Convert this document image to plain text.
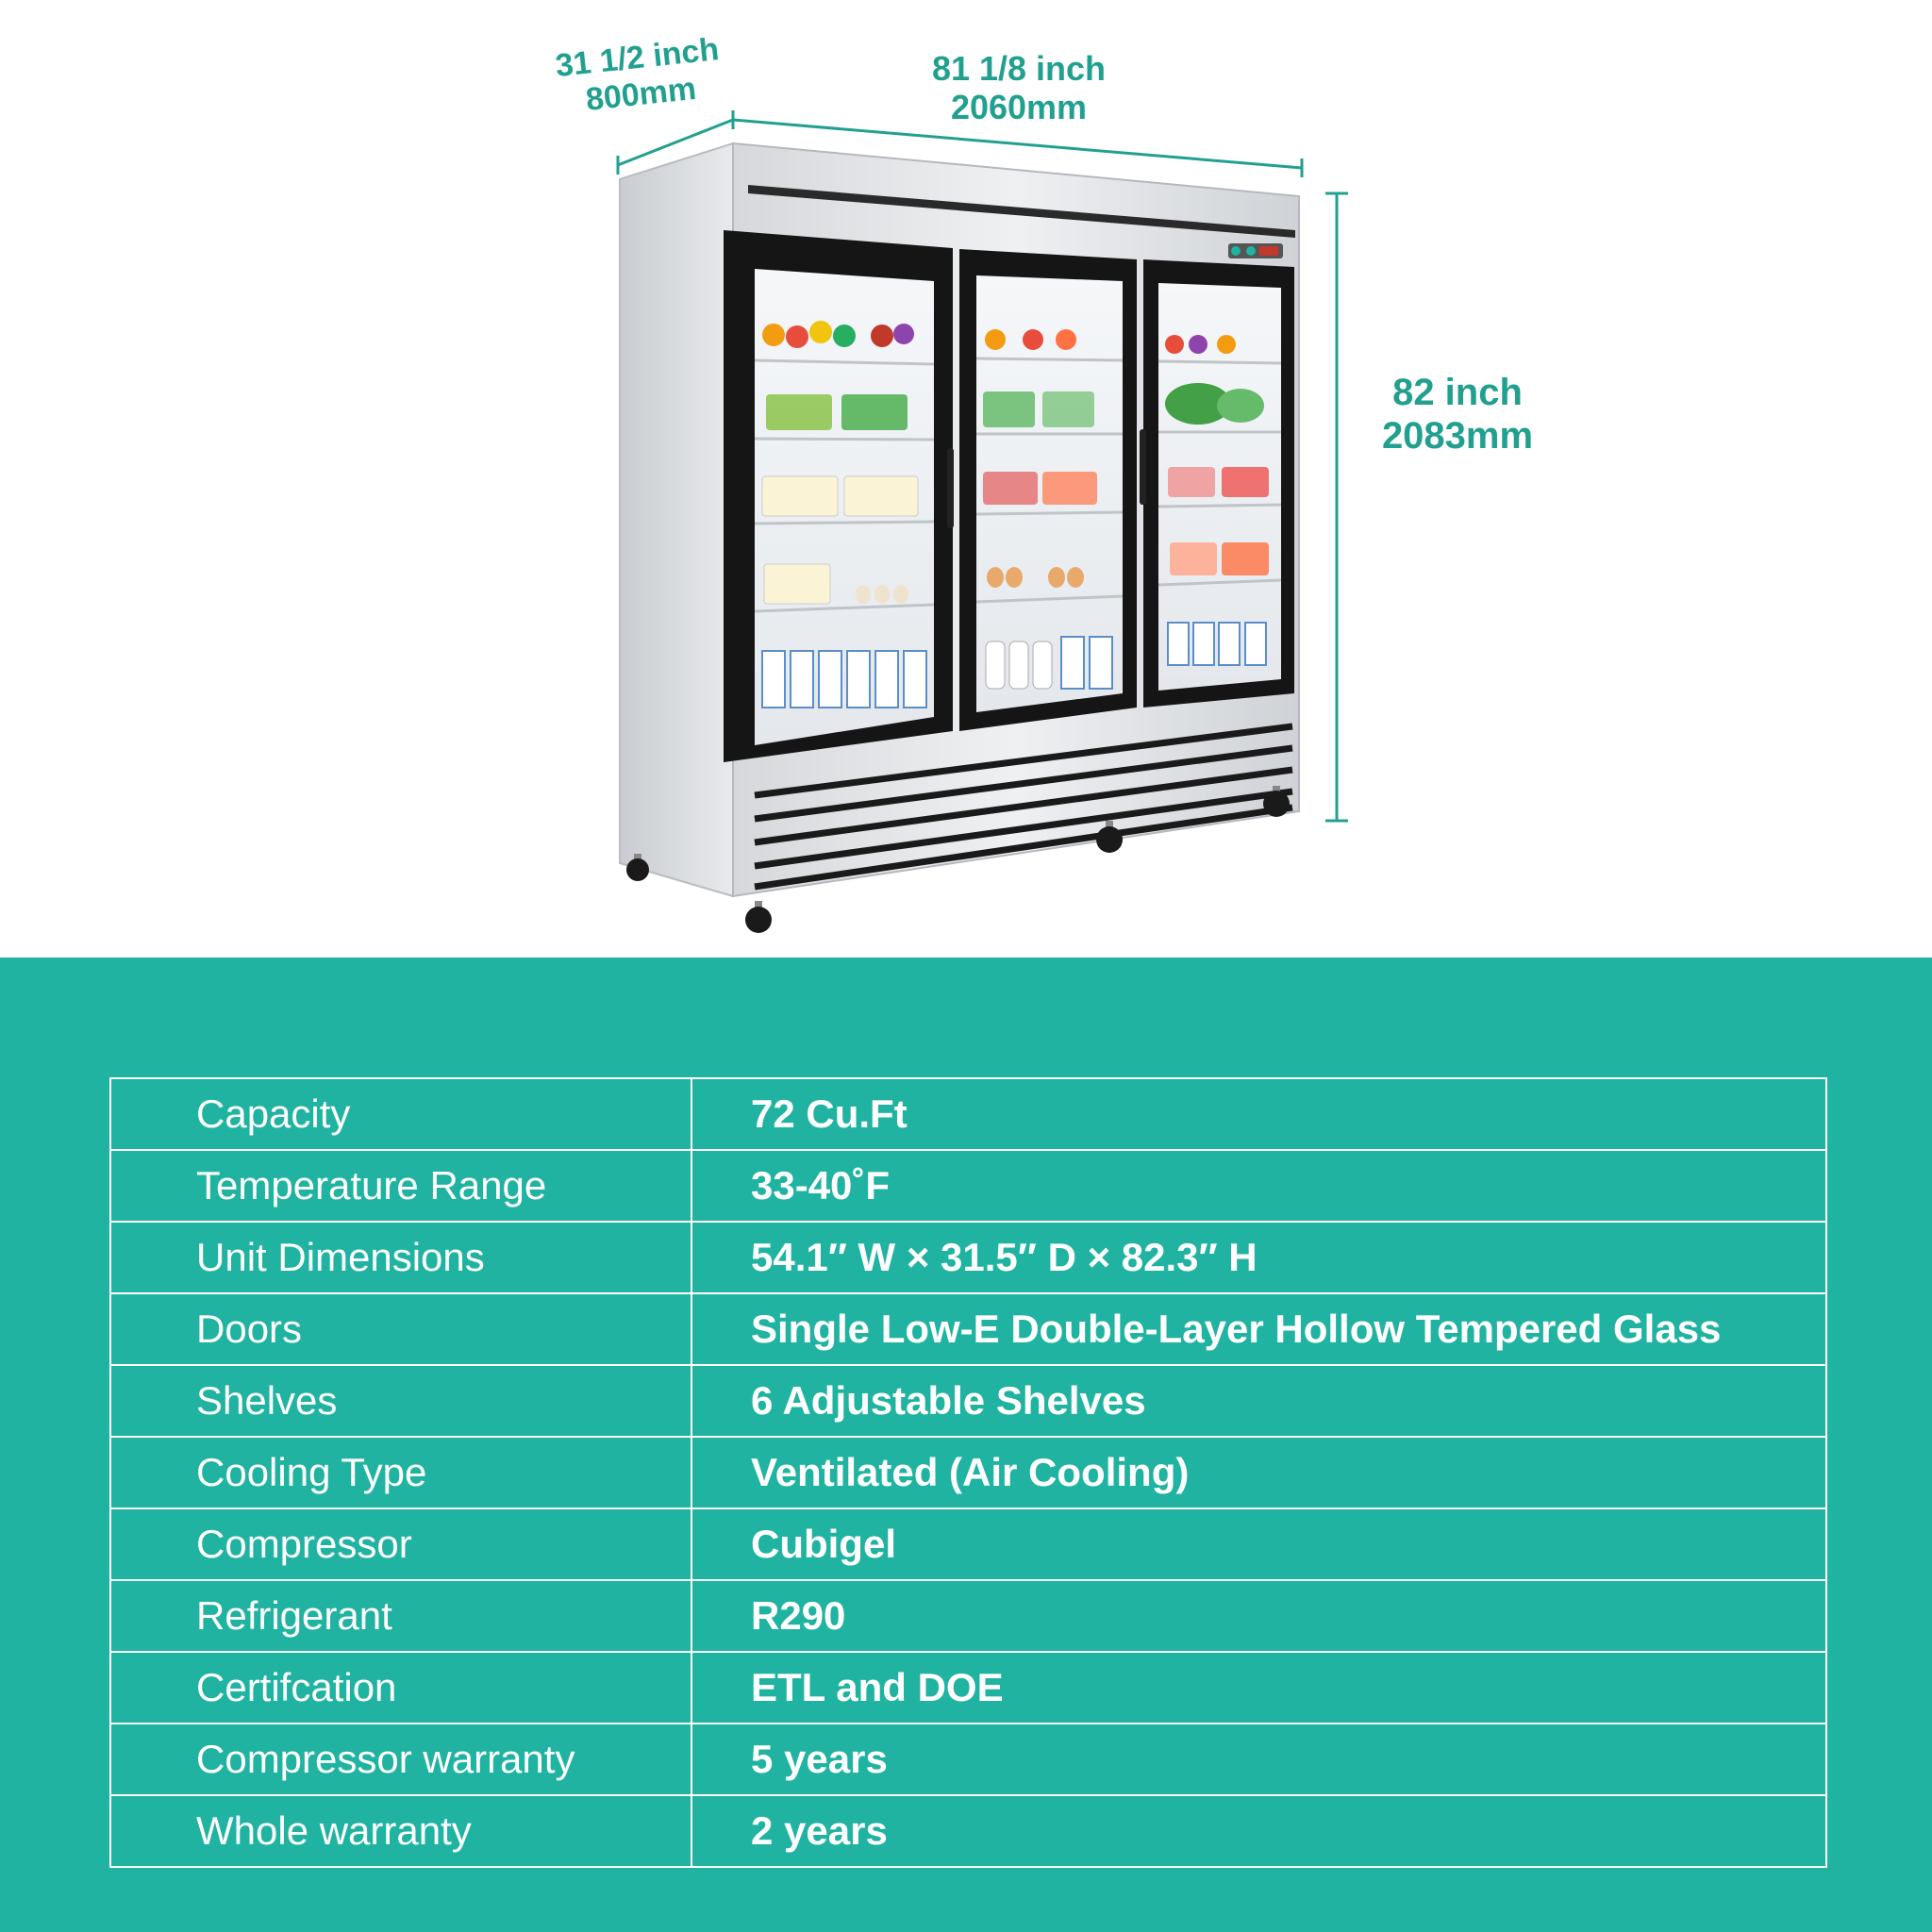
31 1/2 inch
800mm
81 1/8 inch
2060mm
82 inch
2083mm
Capacity	72 Cu.Ft
Temperature Range	33-40˚F
Unit Dimensions	54.1″ W × 31.5″ D × 82.3″ H
Doors	Single Low-E Double-Layer Hollow Tempered Glass
Shelves	6 Adjustable Shelves
Cooling Type	Ventilated (Air Cooling)
Compressor	Cubigel
Refrigerant	R290
Certifcation	ETL and DOE
Compressor warranty	5 years
Whole warranty	2 years
